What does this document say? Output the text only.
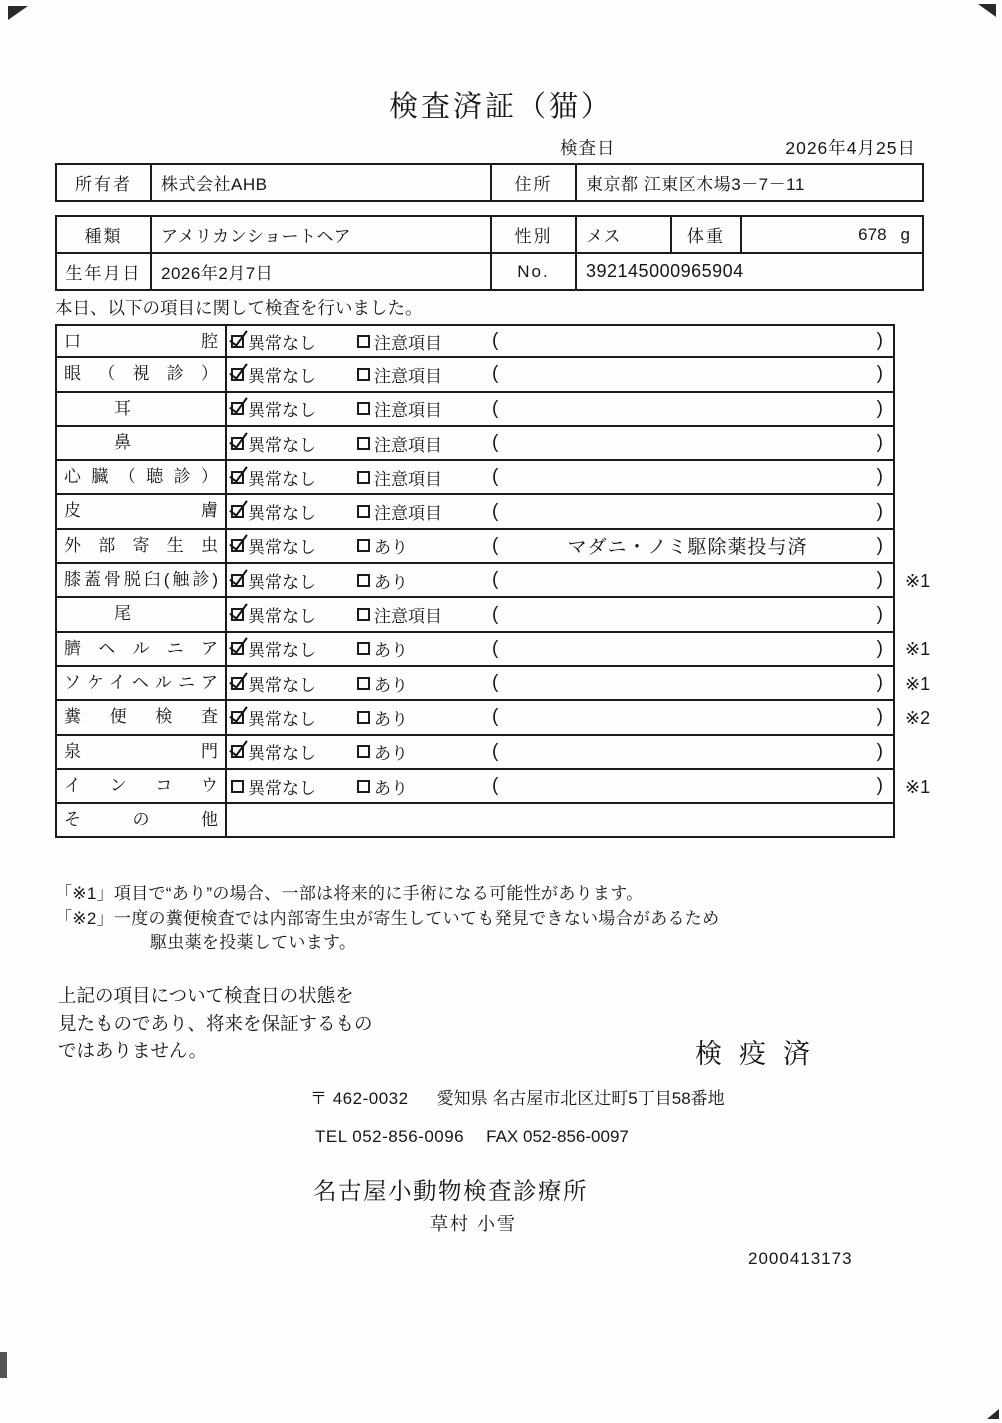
検査済証（猫）
検査日	2026年4月25日
所有者	株式会社AHB	住所	東京都 江東区木場3－7－11
種類	アメリカンショートヘア	性別	メス	体重	678 g
生年月日	2026年2月7日	No.	392145000965904
本日、以下の項目に関して検査を行いました。
口腔	異常なし	注意項目	(	)
眼（視診）	異常なし	注意項目	(	)
耳	異常なし	注意項目	(	)
鼻	異常なし	注意項目	(	)
心臓（聴診）	異常なし	注意項目	(	)
皮膚	異常なし	注意項目	(	)
外部寄生虫	異常なし	あり	(	マダニ・ノミ駆除薬投与済	)
膝蓋骨脱臼(触診)	異常なし	あり	(	)	※1
尾	異常なし	注意項目	(	)
臍ヘルニア	異常なし	あり	(	)	※1
ソケイヘルニア	異常なし	あり	(	)	※1
糞便検査	異常なし	あり	(	)	※2
泉門	異常なし	あり	(	)
インコウ	異常なし	あり	(	)	※1
その他
「※1」項目で“あり”の場合、一部は将来的に手術になる可能性があります。
「※2」一度の糞便検査では内部寄生虫が寄生していても発見できない場合があるため
駆虫薬を投薬しています。
上記の項目について検査日の状態を
見たものであり、将来を保証するもの
ではありません。	検疫済
〒 462-0032 愛知県 名古屋市北区辻町5丁目58番地
TEL 052-856-0096 FAX 052-856-0097
名古屋小動物検査診療所
草村 小雪
2000413173
